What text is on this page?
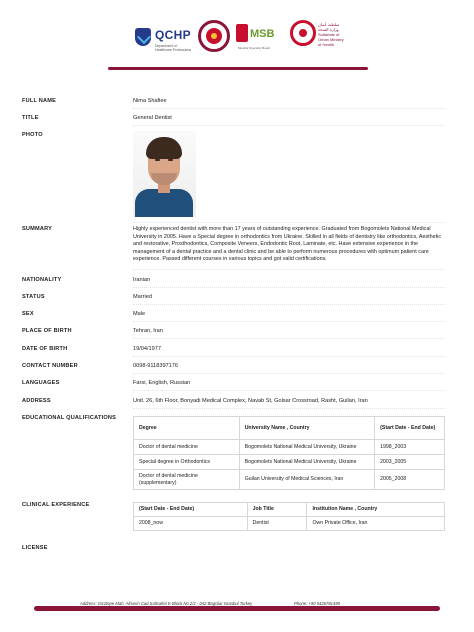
QCHP
Department of Healthcare Professions
MSB
Medical Specialty Board
سلطنة عُمان وزارة الصحة
Sultanate of Oman Ministry of Health
FULL NAME	Nima Shafiee
TITLE	General Dentist
PHOTO
SUMMARY	Highly experienced dentist with more than 17 years of outstanding experience. Graduated from Bogomolets National Medical University in 2005. Have a Special degree in orthodontics from Ukraine. Skilled in all fields of dentistry like orthodontics, Aesthetic and restorative, Prosthodontics, Composite Veneers, Endodontic Root, Laminate, etc. Have extensive experience in the management of a dental practice and a dental clinic and be able to perform numerous procedures with optimum patient care experience. Passed different courses in various topics and got valid certifications.
NATIONALITY	Iranian
STATUS	Married
SEX	Male
PLACE OF BIRTH	Tehran, Iran
DATE OF BIRTH	19/04/1977
CONTACT NUMBER	0098-9118397176
LANGUAGES	Farsi, English, Russian
ADDRESS	Unit. 26, 6th Floor, Bonyadi Medical Complex, Navab St, Golsar Crossroad, Rasht, Guilan, Iran
EDUCATIONAL QUALIFICATIONS
Degree	University Name , Country	(Start Date - End Date)
Doctor of dental medicine	Bogomolets National Medical University, Ukraine	1998_2003
Special degree in Orthodontics	Bogomolets National Medical University, Ukraine	2003_2005
Doctor of dental medicine (supplementary)	Guilan University of Medical Sciences, Iran	2005_2008
CLINICAL EXPERIENCE
(Start Date - End Date)	Job Title	Institution Name , Country
2008_now	Dentist	Own Private Office, Iran
LICENSE
Address: Gicztepe Mah. Altserin Cad.Saltsaltel K-Block No.2/2 - 042 Bagcilar Istanbul Turkey	Phone: +90 5426781490
